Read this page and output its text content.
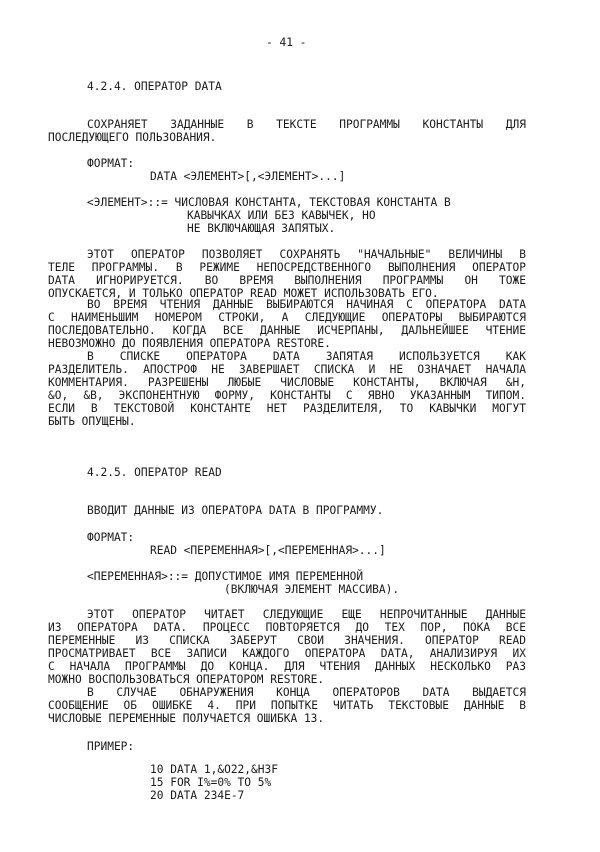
- 41 -
4.2.4. ОПЕРАТОР DATA
СОХРАНЯЕТ ЗАДАННЫЕ В ТЕКСТЕ ПРОГРАММЫ КОНСТАНТЫ ДЛЯ
ПОСЛЕДУЮЩЕГО ПОЛЬЗОВАНИЯ.
ФОРМАТ:
DATA <ЭЛЕМЕНТ>[,<ЭЛЕМЕНТ>...]
<ЭЛЕМЕНТ>::= ЧИСЛОВАЯ КОНСТАНТА, ТЕКСТОВАЯ КОНСТАНТА В
КАВЫЧКАХ ИЛИ БЕЗ КАВЫЧЕК, НО
НЕ ВКЛЮЧАЮЩАЯ ЗАПЯТЫХ.
ЭТОТ ОПЕРАТОР ПОЗВОЛЯЕТ СОХРАНЯТЬ "НАЧАЛЬНЫЕ" ВЕЛИЧИНЫ В
ТЕЛЕ ПРОГРАММЫ. В РЕЖИМЕ НЕПОСРЕДСТВЕННОГО ВЫПОЛНЕНИЯ ОПЕРАТОР
DATA ИГНОРИРУЕТСЯ. ВО ВРЕМЯ ВЫПОЛНЕНИЯ ПРОГРАММЫ ОН ТОЖЕ
ОПУСКАЕТСЯ, И ТОЛЬКО ОПЕРАТОР READ МОЖЕТ ИСПОЛЬЗОВАТЬ ЕГО.
ВО ВРЕМЯ ЧТЕНИЯ ДАННЫЕ ВЫБИРАЮТСЯ НАЧИНАЯ С ОПЕРАТОРА DATA
С НАИМЕНЬШИМ НОМЕРОМ СТРОКИ, А СЛЕДУЮЩИЕ ОПЕРАТОРЫ ВЫБИРАЮТСЯ
ПОСЛЕДОВАТЕЛЬНО. КОГДА ВСЕ ДАННЫЕ ИСЧЕРПАНЫ, ДАЛЬНЕЙШЕЕ ЧТЕНИЕ
НЕВОЗМОЖНО ДО ПОЯВЛЕНИЯ ОПЕРАТОРА RESTORE.
В СПИСКЕ ОПЕРАТОРА DATA ЗАПЯТАЯ ИСПОЛЬЗУЕТСЯ КАК
РАЗДЕЛИТЕЛЬ. АПОСТРОФ НЕ ЗАВЕРШАЕТ СПИСКА И НЕ ОЗНАЧАЕТ НАЧАЛА
КОММЕНТАРИЯ. РАЗРЕШЕНЫ ЛЮБЫЕ ЧИСЛОВЫЕ КОНСТАНТЫ, ВКЛЮЧАЯ &H,
&O, &B, ЭКСПОНЕНТНУЮ ФОРМУ, КОНСТАНТЫ С ЯВНО УКАЗАННЫМ ТИПОМ.
ЕСЛИ В ТЕКСТОВОЙ КОНСТАНТЕ НЕТ РАЗДЕЛИТЕЛЯ, ТО КАВЫЧКИ МОГУТ
БЫТЬ ОПУЩЕНЫ.
4.2.5. ОПЕРАТОР READ
ВВОДИТ ДАННЫЕ ИЗ ОПЕРАТОРА DATA В ПРОГРАММУ.
ФОРМАТ:
READ <ПЕРЕМЕННАЯ>[,<ПЕРЕМЕННАЯ>...]
<ПЕРЕМЕННАЯ>::= ДОПУСТИМОЕ ИМЯ ПЕРЕМЕННОЙ
(ВКЛЮЧАЯ ЭЛЕМЕНТ МАССИВА).
ЭТОТ ОПЕРАТОР ЧИТАЕТ СЛЕДУЮЩИЕ ЕЩЕ НЕПРОЧИТАННЫЕ ДАННЫЕ
ИЗ ОПЕРАТОРА DATA. ПРОЦЕСС ПОВТОРЯЕТСЯ ДО ТЕХ ПОР, ПОКА ВСЕ
ПЕРЕМЕННЫЕ ИЗ СПИСКА ЗАБЕРУТ СВОИ ЗНАЧЕНИЯ. ОПЕРАТОР READ
ПРОСМАТРИВАЕТ ВСЕ ЗАПИСИ КАЖДОГО ОПЕРАТОРА DATA, АНАЛИЗИРУЯ ИХ
С НАЧАЛА ПРОГРАММЫ ДО КОНЦА. ДЛЯ ЧТЕНИЯ ДАННЫХ НЕСКОЛЬКО РАЗ
МОЖНО ВОСПОЛЬЗОВАТЬСЯ ОПЕРАТОРОМ RESTORE.
В СЛУЧАЕ ОБНАРУЖЕНИЯ КОНЦА ОПЕРАТОРОВ DATA ВЫДАЕТСЯ
СООБЩЕНИЕ ОБ ОШИБКЕ 4. ПРИ ПОПЫТКЕ ЧИТАТЬ ТЕКСТОВЫЕ ДАННЫЕ В
ЧИСЛОВЫЕ ПЕРЕМЕННЫЕ ПОЛУЧАЕТСЯ ОШИБКА 13.
ПРИМЕР:
10 DATA 1,&O22,&H3F
15 FOR I%=0% TO 5%
20 DATA 234E-7
